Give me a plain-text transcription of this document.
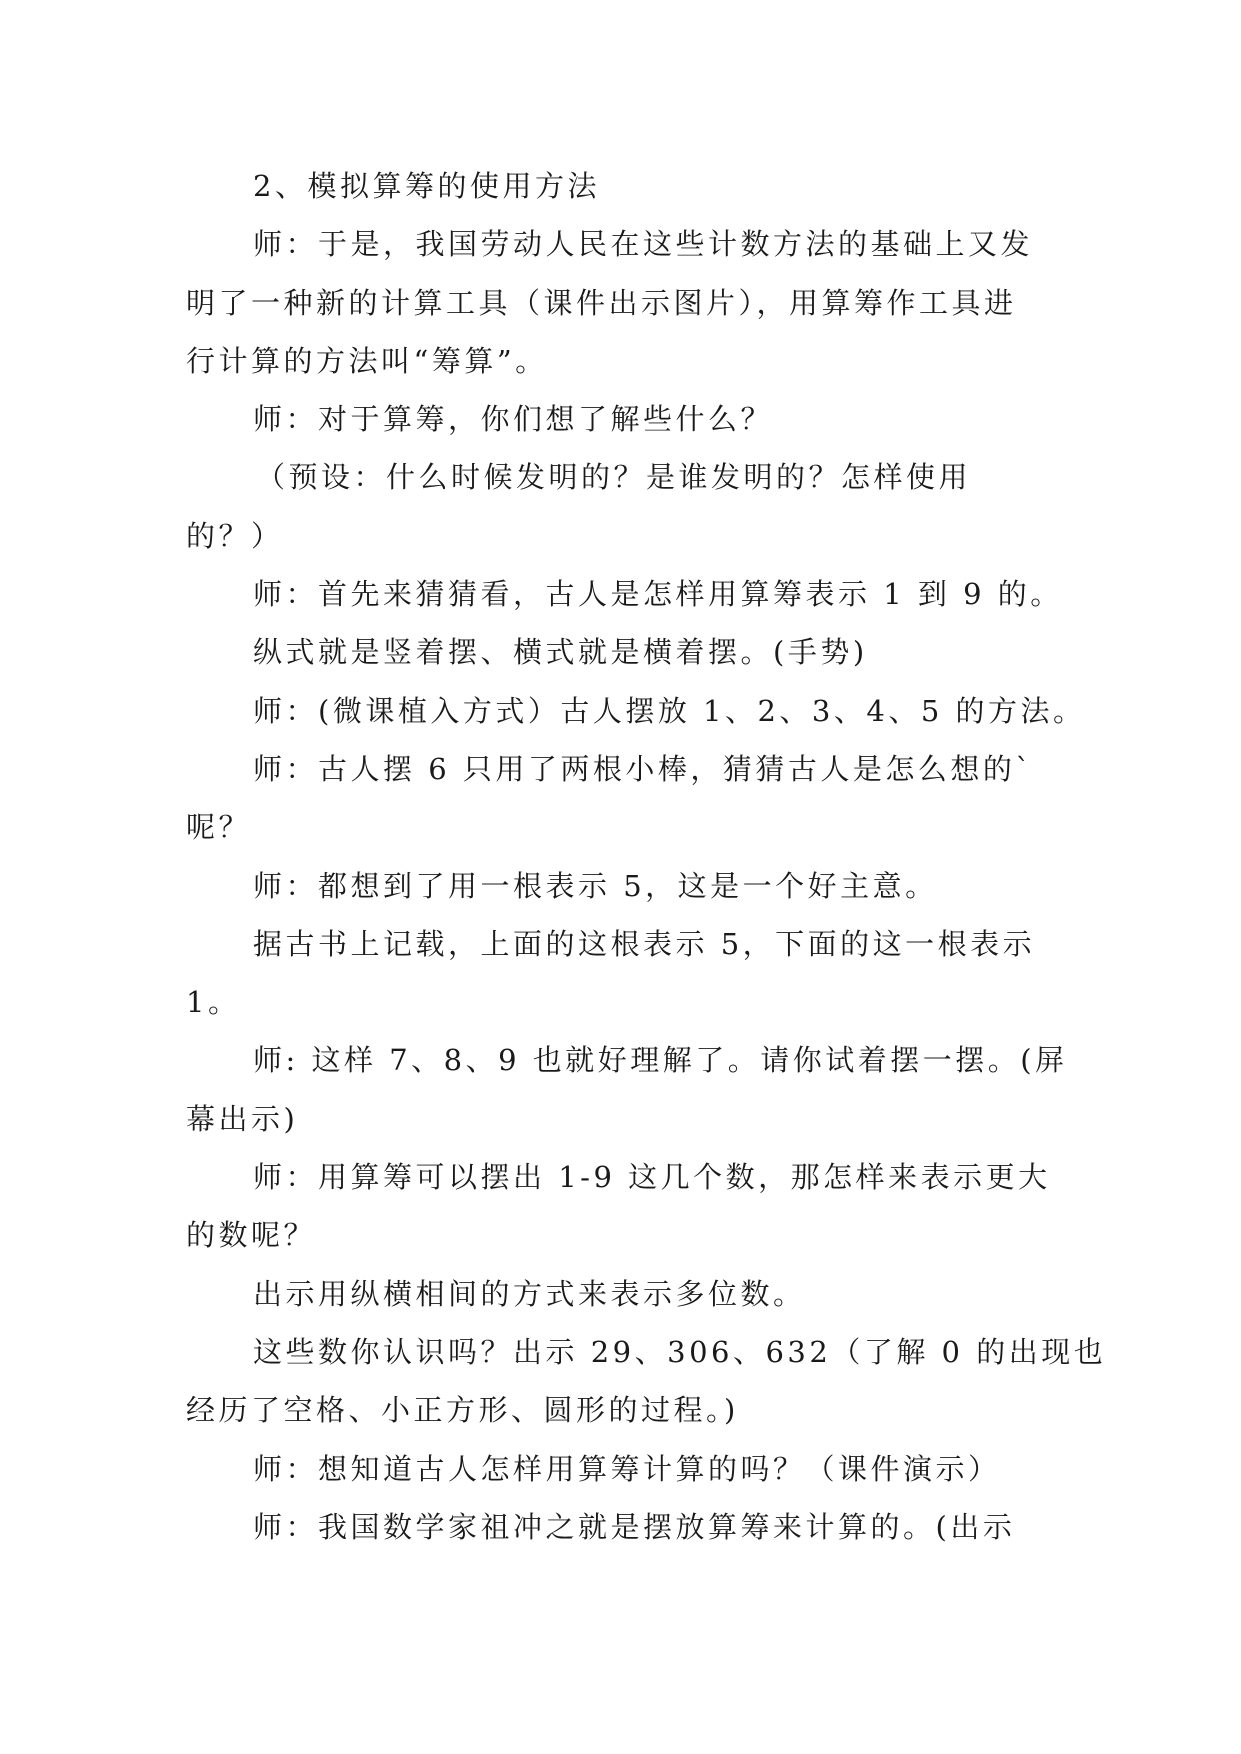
2、模拟算筹的使用方法
师：于是，我国劳动人民在这些计数方法的基础上又发
明了一种新的计算工具（课件出示图片），用算筹作工具进
行计算的方法叫“筹算”。
师：对于算筹，你们想了解些什么？
（预设：什么时候发明的？是谁发明的？怎样使用
的？）
师：首先来猜猜看，古人是怎样用算筹表示 1 到 9 的。
纵式就是竖着摆、横式就是横着摆。(手势)
师：(微课植入方式）古人摆放 1、2、3、4、5 的方法。
师：古人摆 6 只用了两根小棒，猜猜古人是怎么想的`
呢？
师：都想到了用一根表示 5，这是一个好主意。
据古书上记载，上面的这根表示 5，下面的这一根表示
1。
师: 这样 7、8、9 也就好理解了。请你试着摆一摆。(屏
幕出示)
师：用算筹可以摆出 1-9 这几个数，那怎样来表示更大
的数呢？
出示用纵横相间的方式来表示多位数。
这些数你认识吗？出示 29、306、632（了解 0 的出现也
经历了空格、小正方形、圆形的过程。)
师：想知道古人怎样用算筹计算的吗？（课件演示）
师：我国数学家祖冲之就是摆放算筹来计算的。(出示
